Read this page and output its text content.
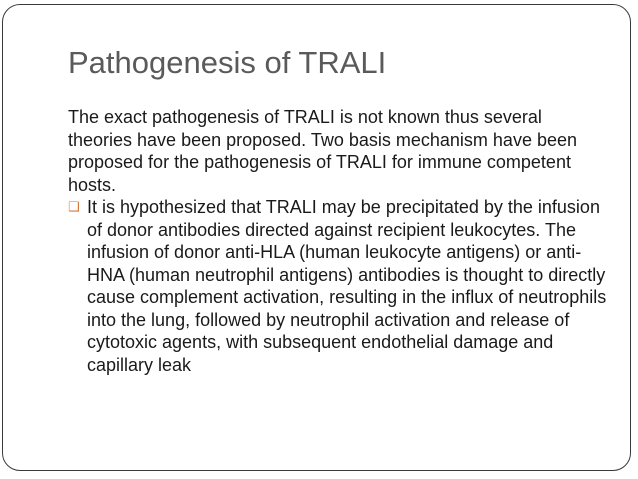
Pathogenesis of TRALI

The exact pathogenesis of TRALI is not known thus several theories have been proposed. Two basis mechanism have been proposed for the pathogenesis of TRALI for immune competent hosts.

❑ It is hypothesized that TRALI may be precipitated by the infusion of donor antibodies directed against recipient leukocytes. The infusion of donor anti-HLA (human leukocyte antigens) or anti-HNA (human neutrophil antigens) antibodies is thought to directly cause complement activation, resulting in the influx of neutrophils into the lung, followed by neutrophil activation and release of cytotoxic agents, with subsequent endothelial damage and capillary leak
